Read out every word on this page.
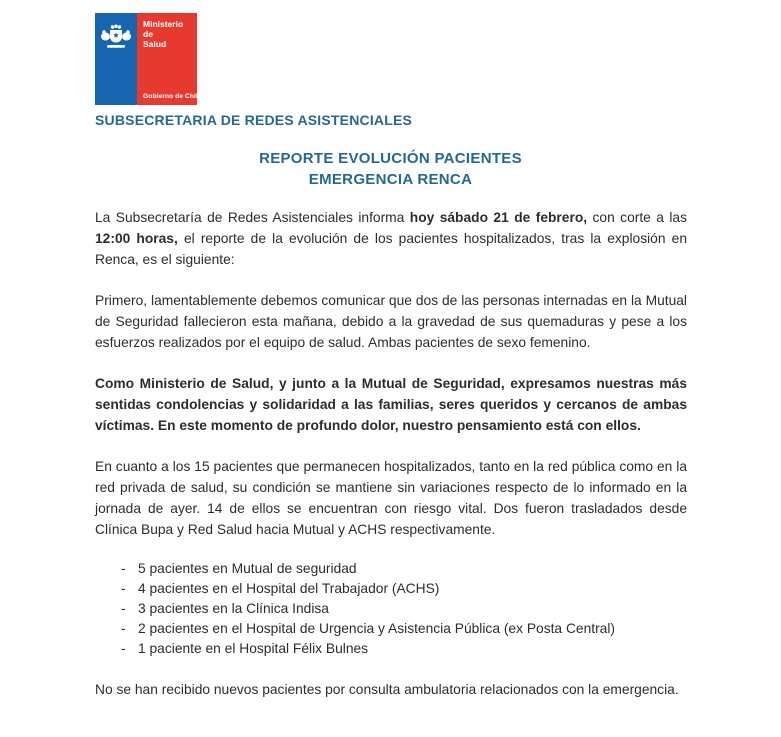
Ministerio de
Salud
Gobierno de Chile
SUBSECRETARIA DE REDES ASISTENCIALES
REPORTE EVOLUCIÓN PACIENTES
EMERGENCIA RENCA

La Subsecretaría de Redes Asistenciales informa hoy sábado 21 de febrero, con corte a las 12:00 horas, el reporte de la evolución de los pacientes hospitalizados, tras la explosión en Renca, es el siguiente:

Primero, lamentablemente debemos comunicar que dos de las personas internadas en la Mutual de Seguridad fallecieron esta mañana, debido a la gravedad de sus quemaduras y pese a los esfuerzos realizados por el equipo de salud. Ambas pacientes de sexo femenino.

Como Ministerio de Salud, y junto a la Mutual de Seguridad, expresamos nuestras más sentidas condolencias y solidaridad a las familias, seres queridos y cercanos de ambas víctimas. En este momento de profundo dolor, nuestro pensamiento está con ellos.

En cuanto a los 15 pacientes que permanecen hospitalizados, tanto en la red pública como en la red privada de salud, su condición se mantiene sin variaciones respecto de lo informado en la jornada de ayer. 14 de ellos se encuentran con riesgo vital. Dos fueron trasladados desde Clínica Bupa y Red Salud hacia Mutual y ACHS respectivamente.

- 5 pacientes en Mutual de seguridad
- 4 pacientes en el Hospital del Trabajador (ACHS)
- 3 pacientes en la Clínica Indisa
- 2 pacientes en el Hospital de Urgencia y Asistencia Pública (ex Posta Central)
- 1 paciente en el Hospital Félix Bulnes

No se han recibido nuevos pacientes por consulta ambulatoria relacionados con la emergencia.
